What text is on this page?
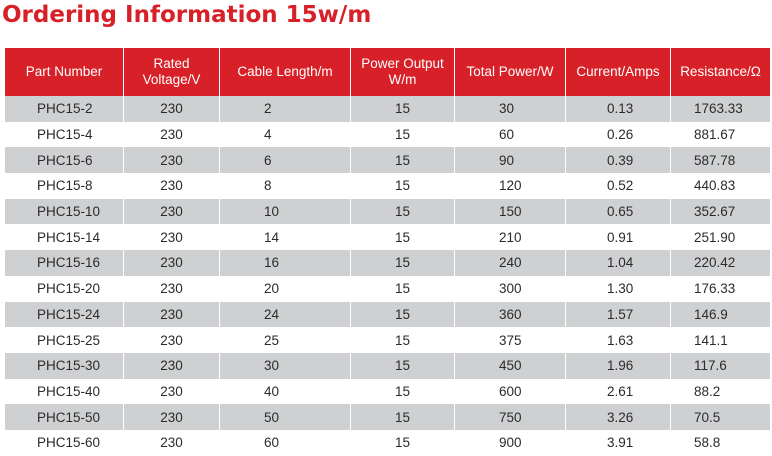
Ordering Information 15w/m
Part Number	Rated Voltage/V	Cable Length/m	Power Output W/m	Total Power/W	Current/Amps	Resistance/Ω
PHC15-2	230	2	15	30	0.13	1763.33
PHC15-4	230	4	15	60	0.26	881.67
PHC15-6	230	6	15	90	0.39	587.78
PHC15-8	230	8	15	120	0.52	440.83
PHC15-10	230	10	15	150	0.65	352.67
PHC15-14	230	14	15	210	0.91	251.90
PHC15-16	230	16	15	240	1.04	220.42
PHC15-20	230	20	15	300	1.30	176.33
PHC15-24	230	24	15	360	1.57	146.9
PHC15-25	230	25	15	375	1.63	141.1
PHC15-30	230	30	15	450	1.96	117.6
PHC15-40	230	40	15	600	2.61	88.2
PHC15-50	230	50	15	750	3.26	70.5
PHC15-60	230	60	15	900	3.91	58.8
